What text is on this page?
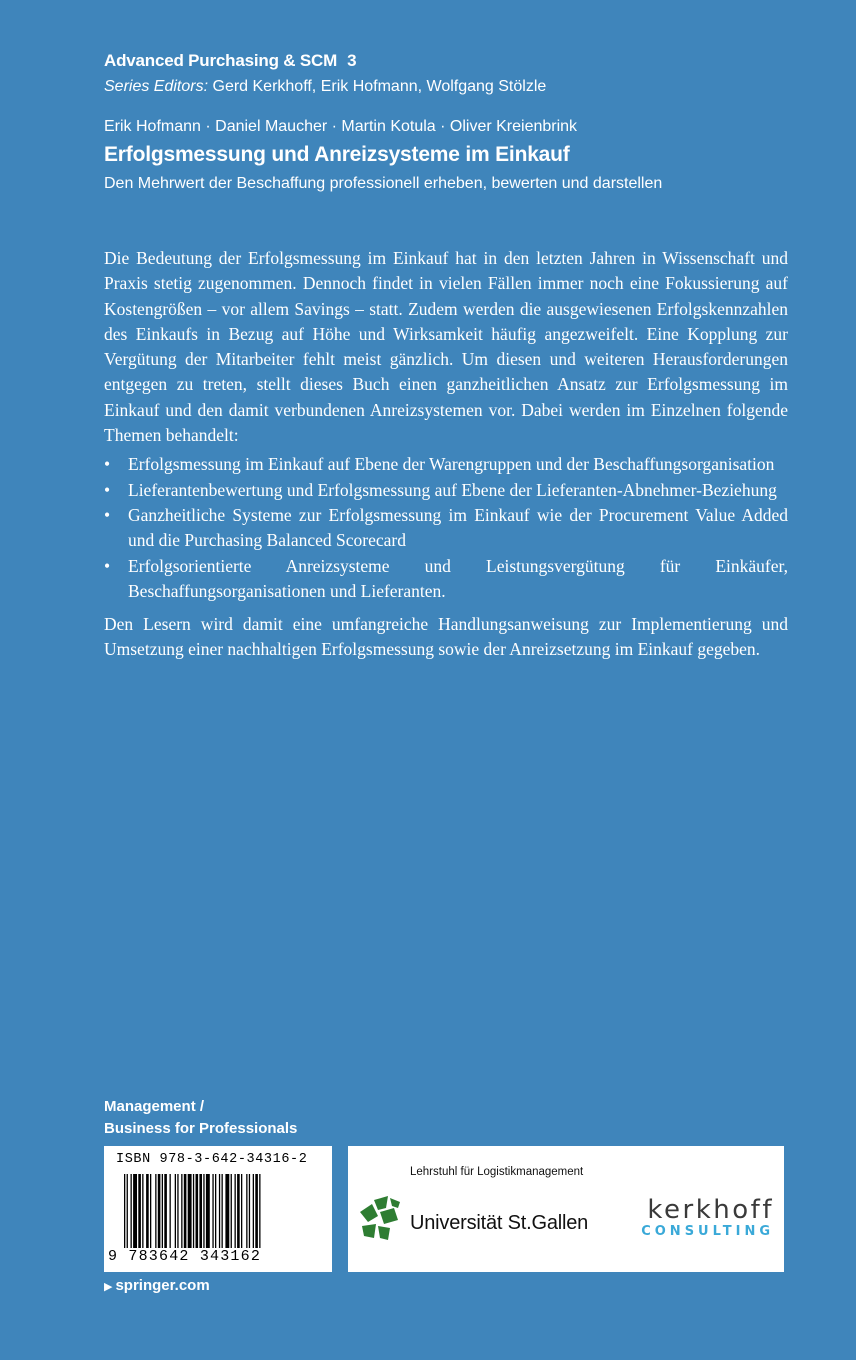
Advanced Purchasing & SCM 3
Series Editors: Gerd Kerkhoff, Erik Hofmann, Wolfgang Stölzle
Erik Hofmann · Daniel Maucher · Martin Kotula · Oliver Kreienbrink
Erfolgsmessung und Anreizsysteme im Einkauf
Den Mehrwert der Beschaffung professionell erheben, bewerten und darstellen

Die Bedeutung der Erfolgsmessung im Einkauf hat in den letzten Jahren in Wissenschaft und Praxis stetig zugenommen. Dennoch findet in vielen Fällen immer noch eine Fokussierung auf Kostengrößen – vor allem Savings – statt. Zudem werden die ausgewiesenen Erfolgskennzahlen des Einkaufs in Bezug auf Höhe und Wirksamkeit häufig angezweifelt. Eine Kopplung zur Vergütung der Mitarbeiter fehlt meist gänzlich. Um diesen und weiteren Herausforderungen entgegen zu treten, stellt dieses Buch einen ganzheitlichen Ansatz zur Erfolgsmessung im Einkauf und den damit verbundenen Anreizsystemen vor. Dabei werden im Einzelnen folgende Themen behandelt:

• Erfolgsmessung im Einkauf auf Ebene der Warengruppen und der Beschaffungsorganisation
• Lieferantenbewertung und Erfolgsmessung auf Ebene der Lieferanten-Abnehmer-Beziehung
• Ganzheitliche Systeme zur Erfolgsmessung im Einkauf wie der Procurement Value Added und die Purchasing Balanced Scorecard
• Erfolgsorientierte Anreizsysteme und Leistungsvergütung für Einkäufer, Beschaffungsorganisationen und Lieferanten.

Den Lesern wird damit eine umfangreiche Handlungsanweisung zur Implementierung und Umsetzung einer nachhaltigen Erfolgsmessung sowie der Anreizsetzung im Einkauf gegeben.

Management /
Business for Professionals
ISBN 978-3-642-34316-2
9 783642 343162
Lehrstuhl für Logistikmanagement
Universität St.Gallen kerkhoff
CONSULTING
▶ springer.com
